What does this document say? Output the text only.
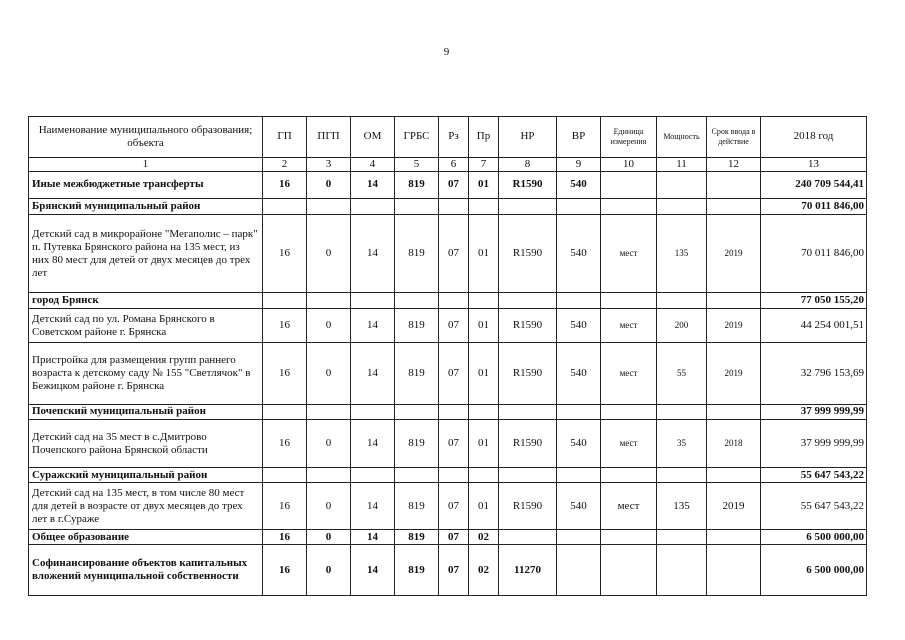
9
Наименование муниципального образования; объекта	ГП	ПГП	ОМ	ГРБС	Рз	Пр	НР	ВР	Единица измерения	Мощность	Срок ввода в действие	2018 год
1	2	3	4	5	6	7	8	9	10	11	12	13
Иные межбюджетные трансферты	16	0	14	819	07	01	R1590	540				240 709 544,41
Брянский муниципальный район												70 011 846,00
Детский сад в микрорайоне "Мегаполис – парк" п. Путевка Брянского района на 135 мест, из них 80 мест для детей от двух месяцев до трех лет	16	0	14	819	07	01	R1590	540	мест	135	2019	70 011 846,00
город Брянск												77 050 155,20
Детский сад по ул. Романа Брянского в Советском районе г. Брянска	16	0	14	819	07	01	R1590	540	мест	200	2019	44 254 001,51
Пристройка для размещения групп раннего возраста к детскому саду № 155 "Светлячок" в Бежицком районе г. Брянска	16	0	14	819	07	01	R1590	540	мест	55	2019	32 796 153,69
Почепский муниципальный район												37 999 999,99
Детский сад на 35 мест в с.Дмитрово Почепского района Брянской области	16	0	14	819	07	01	R1590	540	мест	35	2018	37 999 999,99
Суражский муниципальный район												55 647 543,22
Детский сад на 135 мест, в том числе 80 мест для детей в возрасте от двух месяцев до трех лет в г.Сураже	16	0	14	819	07	01	R1590	540	мест	135	2019	55 647 543,22
Общее образование	16	0	14	819	07	02						6 500 000,00
Софинансирование объектов капитальных вложений муниципальной собственности	16	0	14	819	07	02	11270					6 500 000,00
